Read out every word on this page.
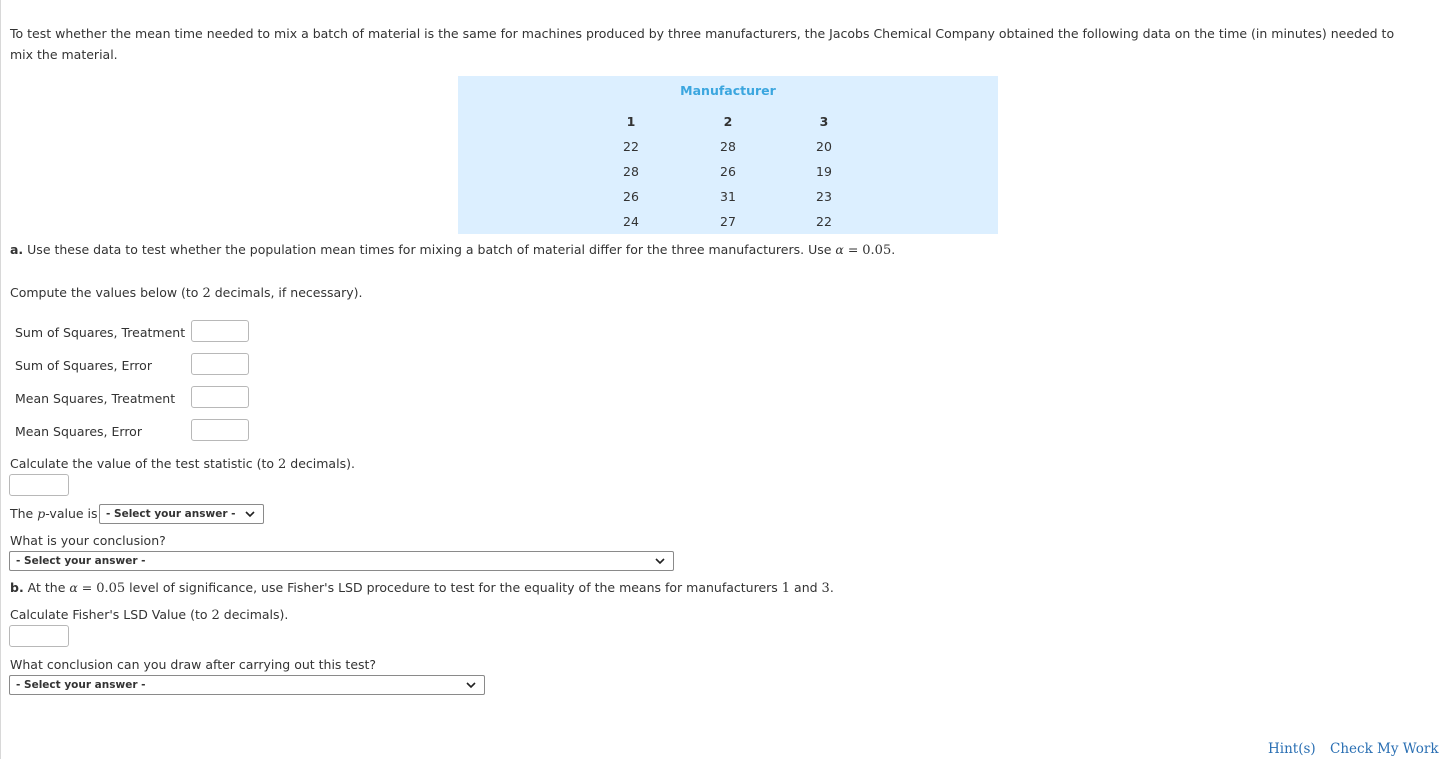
To test whether the mean time needed to mix a batch of material is the same for machines produced by three manufacturers, the Jacobs Chemical Company obtained the following data on the time (in minutes) needed to mix the material.
Manufacturer
1	2	3
22	28	20
28	26	19
26	31	23
24	27	22
a. Use these data to test whether the population mean times for mixing a batch of material differ for the three manufacturers. Use α = 0.05.
Compute the values below (to 2 decimals, if necessary).
Sum of Squares, Treatment
Sum of Squares, Error
Mean Squares, Treatment
Mean Squares, Error
Calculate the value of the test statistic (to 2 decimals).
The p-value is - Select your answer -
What is your conclusion?
- Select your answer -
b. At the α = 0.05 level of significance, use Fisher's LSD procedure to test for the equality of the means for manufacturers 1 and 3.
Calculate Fisher's LSD Value (to 2 decimals).
What conclusion can you draw after carrying out this test?
- Select your answer -
Hint(s) Check My Work
